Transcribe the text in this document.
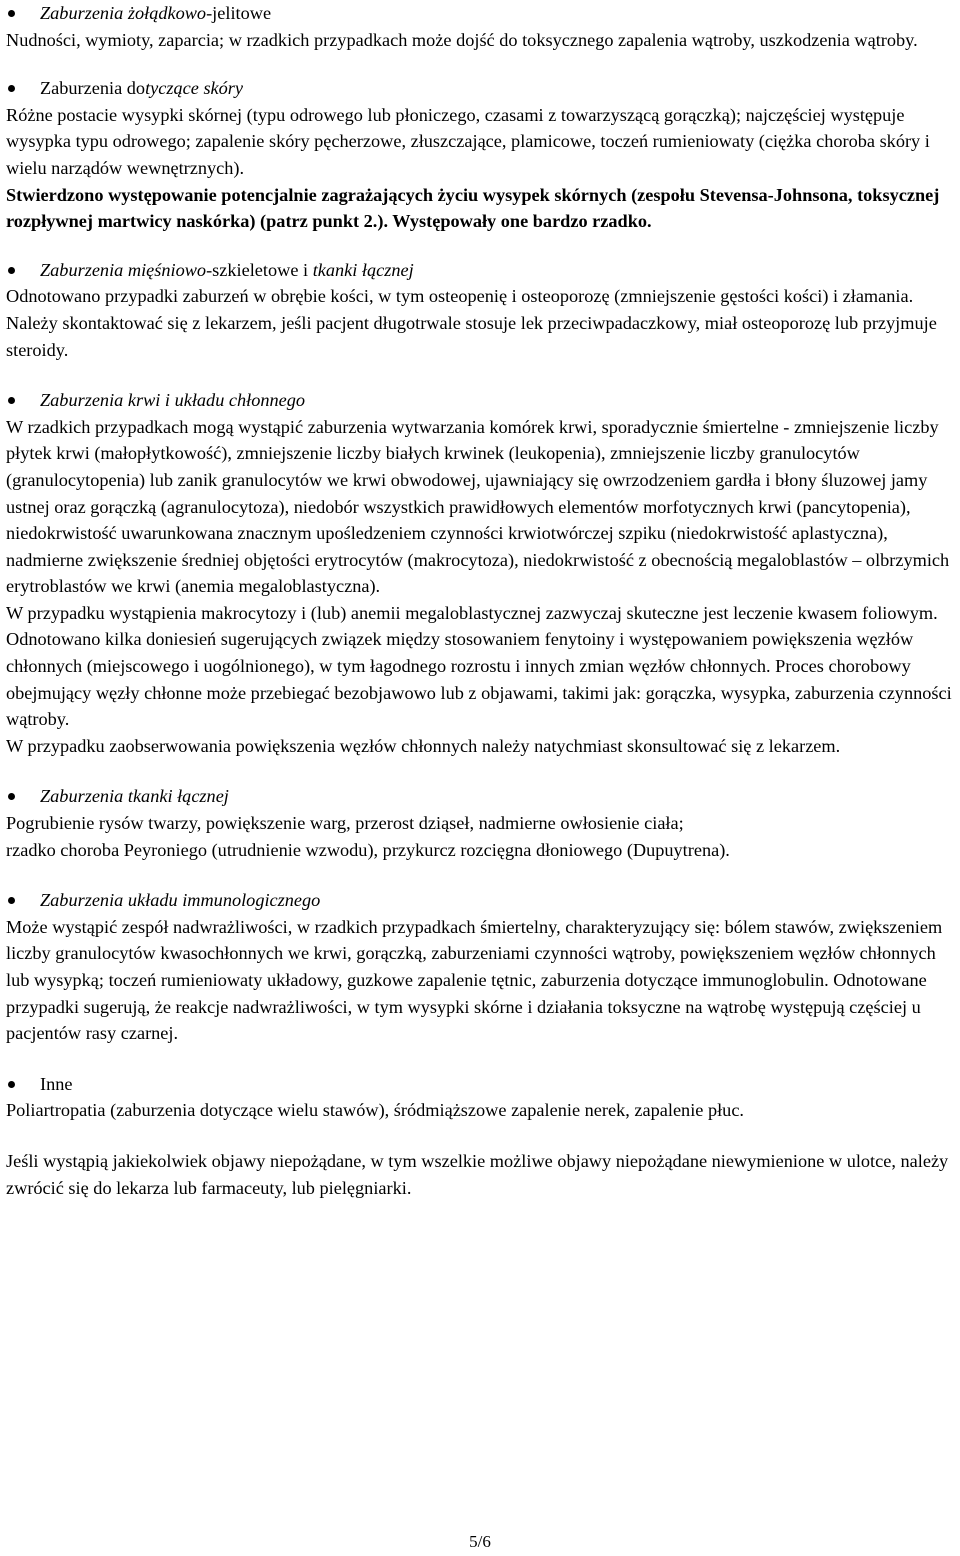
Zaburzenia żołądkowo-jelitowe

Nudności, wymioty, zaparcia; w rzadkich przypadkach może dojść do toksycznego zapalenia wątroby, uszkodzenia wątroby.

Zaburzenia dotyczące skóry

Różne postacie wysypki skórnej (typu odrowego lub płoniczego, czasami z towarzyszącą gorączką); najczęściej występuje wysypka typu odrowego; zapalenie skóry pęcherzowe, złuszczające, plamicowe, toczeń rumieniowaty (ciężka choroba skóry i wielu narządów wewnętrznych).

Stwierdzono występowanie potencjalnie zagrażających życiu wysypek skórnych (zespołu Stevensa-Johnsona, toksycznej rozpływnej martwicy naskórka) (patrz punkt 2.). Występowały one bardzo rzadko.

Zaburzenia mięśniowo-szkieletowe i tkanki łącznej

Odnotowano przypadki zaburzeń w obrębie kości, w tym osteopenię i osteoporozę (zmniejszenie gęstości kości) i złamania. Należy skontaktować się z lekarzem, jeśli pacjent długotrwale stosuje lek przeciwpadaczkowy, miał osteoporozę lub przyjmuje steroidy.

Zaburzenia krwi i układu chłonnego

W rzadkich przypadkach mogą wystąpić zaburzenia wytwarzania komórek krwi, sporadycznie śmiertelne - zmniejszenie liczby płytek krwi (małopłytkowość), zmniejszenie liczby białych krwinek (leukopenia), zmniejszenie liczby granulocytów (granulocytopenia) lub zanik granulocytów we krwi obwodowej, ujawniający się owrzodzeniem gardła i błony śluzowej jamy ustnej oraz gorączką (agranulocytoza), niedobór wszystkich prawidłowych elementów morfotycznych krwi (pancytopenia), niedokrwistość uwarunkowana znacznym upośledzeniem czynności krwiotwórczej szpiku (niedokrwistość aplastyczna), nadmierne zwiększenie średniej objętości erytrocytów (makrocytoza), niedokrwistość z obecnością megaloblastów – olbrzymich erytroblastów we krwi (anemia megaloblastyczna).

W przypadku wystąpienia makrocytozy i (lub) anemii megaloblastycznej zazwyczaj skuteczne jest leczenie kwasem foliowym.

Odnotowano kilka doniesień sugerujących związek między stosowaniem fenytoiny i występowaniem powiększenia węzłów chłonnych (miejscowego i uogólnionego), w tym łagodnego rozrostu i innych zmian węzłów chłonnych. Proces chorobowy obejmujący węzły chłonne może przebiegać bezobjawowo lub z objawami, takimi jak: gorączka, wysypka, zaburzenia czynności wątroby.

W przypadku zaobserwowania powiększenia węzłów chłonnych należy natychmiast skonsultować się z lekarzem.

Zaburzenia tkanki łącznej

Pogrubienie rysów twarzy, powiększenie warg, przerost dziąseł, nadmierne owłosienie ciała;

rzadko choroba Peyroniego (utrudnienie wzwodu), przykurcz rozcięgna dłoniowego (Dupuytrena).

Zaburzenia układu immunologicznego

Może wystąpić zespół nadwrażliwości, w rzadkich przypadkach śmiertelny, charakteryzujący się: bólem stawów, zwiększeniem liczby granulocytów kwasochłonnych we krwi, gorączką, zaburzeniami czynności wątroby, powiększeniem węzłów chłonnych lub wysypką; toczeń rumieniowaty układowy, guzkowe zapalenie tętnic, zaburzenia dotyczące immunoglobulin. Odnotowane przypadki sugerują, że reakcje nadwrażliwości, w tym wysypki skórne i działania toksyczne na wątrobę występują częściej u pacjentów rasy czarnej.

Inne

Poliartropatia (zaburzenia dotyczące wielu stawów), śródmiąższowe zapalenie nerek, zapalenie płuc.

Jeśli wystąpią jakiekolwiek objawy niepożądane, w tym wszelkie możliwe objawy niepożądane niewymienione w ulotce, należy zwrócić się do lekarza lub farmaceuty, lub pielęgniarki.

5/6
